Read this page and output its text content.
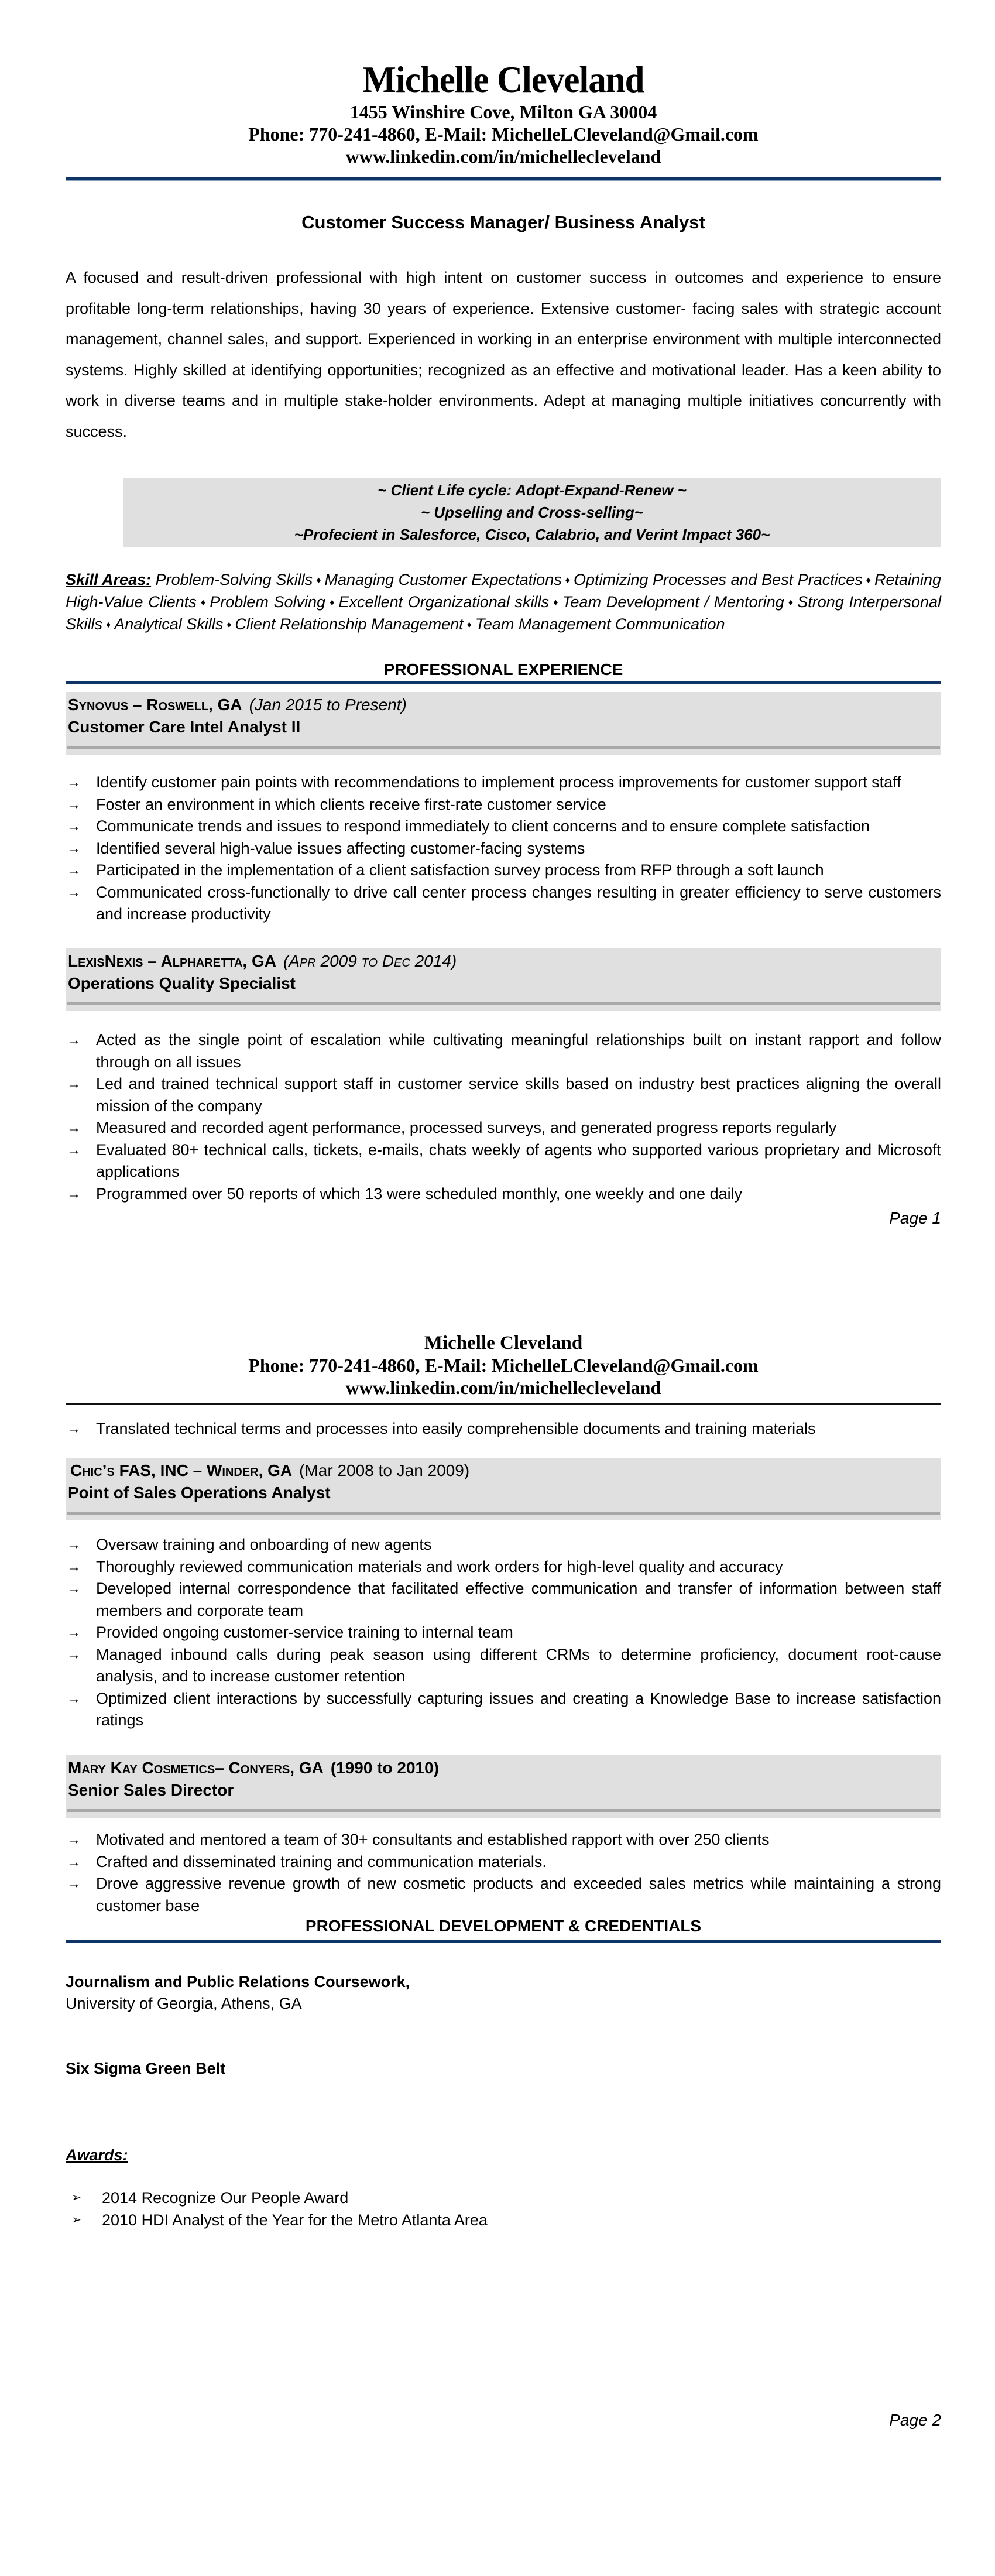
Michelle Cleveland
1455 Winshire Cove, Milton GA 30004
Phone: 770-241-4860, E-Mail: MichelleLCleveland@Gmail.com
www.linkedin.com/in/michellecleveland
Customer Success Manager/ Business Analyst
A focused and result-driven professional with high intent on customer success in outcomes and experience to ensure profitable long-term relationships, having 30 years of experience. Extensive customer- facing sales with strategic account management, channel sales, and support. Experienced in working in an enterprise environment with multiple interconnected systems. Highly skilled at identifying opportunities; recognized as an effective and motivational leader. Has a keen ability to work in diverse teams and in multiple stake-holder environments. Adept at managing multiple initiatives concurrently with success.
~ Client Life cycle: Adopt-Expand-Renew ~
~ Upselling and Cross-selling~
~Profecient in Salesforce, Cisco, Calabrio, and Verint Impact 360~
Skill Areas: Problem-Solving Skills ♦ Managing Customer Expectations ♦ Optimizing Processes and Best Practices ♦ Retaining High-Value Clients ♦ Problem Solving ♦ Excellent Organizational skills ♦ Team Development / Mentoring ♦ Strong Interpersonal Skills ♦ Analytical Skills ♦ Client Relationship Management ♦ Team Management Communication
PROFESSIONAL EXPERIENCE
Synovus – Roswell, GA (Jan 2015 to Present)
Customer Care Intel Analyst II
→ Identify customer pain points with recommendations to implement process improvements for customer support staff
→ Foster an environment in which clients receive first-rate customer service
→ Communicate trends and issues to respond immediately to client concerns and to ensure complete satisfaction
→ Identified several high-value issues affecting customer-facing systems
→ Participated in the implementation of a client satisfaction survey process from RFP through a soft launch
→ Communicated cross-functionally to drive call center process changes resulting in greater efficiency to serve customers and increase productivity
LexisNexis – Alpharetta, GA (Apr 2009 to Dec 2014)
Operations Quality Specialist
→ Acted as the single point of escalation while cultivating meaningful relationships built on instant rapport and follow through on all issues
→ Led and trained technical support staff in customer service skills based on industry best practices aligning the overall mission of the company
→ Measured and recorded agent performance, processed surveys, and generated progress reports regularly
→ Evaluated 80+ technical calls, tickets, e-mails, chats weekly of agents who supported various proprietary and Microsoft applications
→ Programmed over 50 reports of which 13 were scheduled monthly, one weekly and one daily
Page 1
Michelle Cleveland
Phone: 770-241-4860, E-Mail: MichelleLCleveland@Gmail.com
www.linkedin.com/in/michellecleveland
→ Translated technical terms and processes into easily comprehensible documents and training materials
Chic’s FAS, INC – Winder, GA (Mar 2008 to Jan 2009)
Point of Sales Operations Analyst
→ Oversaw training and onboarding of new agents
→ Thoroughly reviewed communication materials and work orders for high-level quality and accuracy
→ Developed internal correspondence that facilitated effective communication and transfer of information between staff members and corporate team
→ Provided ongoing customer-service training to internal team
→ Managed inbound calls during peak season using different CRMs to determine proficiency, document root-cause analysis, and to increase customer retention
→ Optimized client interactions by successfully capturing issues and creating a Knowledge Base to increase satisfaction ratings
Mary Kay Cosmetics– Conyers, GA (1990 to 2010)
Senior Sales Director
→ Motivated and mentored a team of 30+ consultants and established rapport with over 250 clients
→ Crafted and disseminated training and communication materials.
→ Drove aggressive revenue growth of new cosmetic products and exceeded sales metrics while maintaining a strong customer base
PROFESSIONAL DEVELOPMENT & CREDENTIALS
Journalism and Public Relations Coursework,
University of Georgia, Athens, GA
Six Sigma Green Belt
Awards:
➢ 2014 Recognize Our People Award
➢ 2010 HDI Analyst of the Year for the Metro Atlanta Area
Page 2
